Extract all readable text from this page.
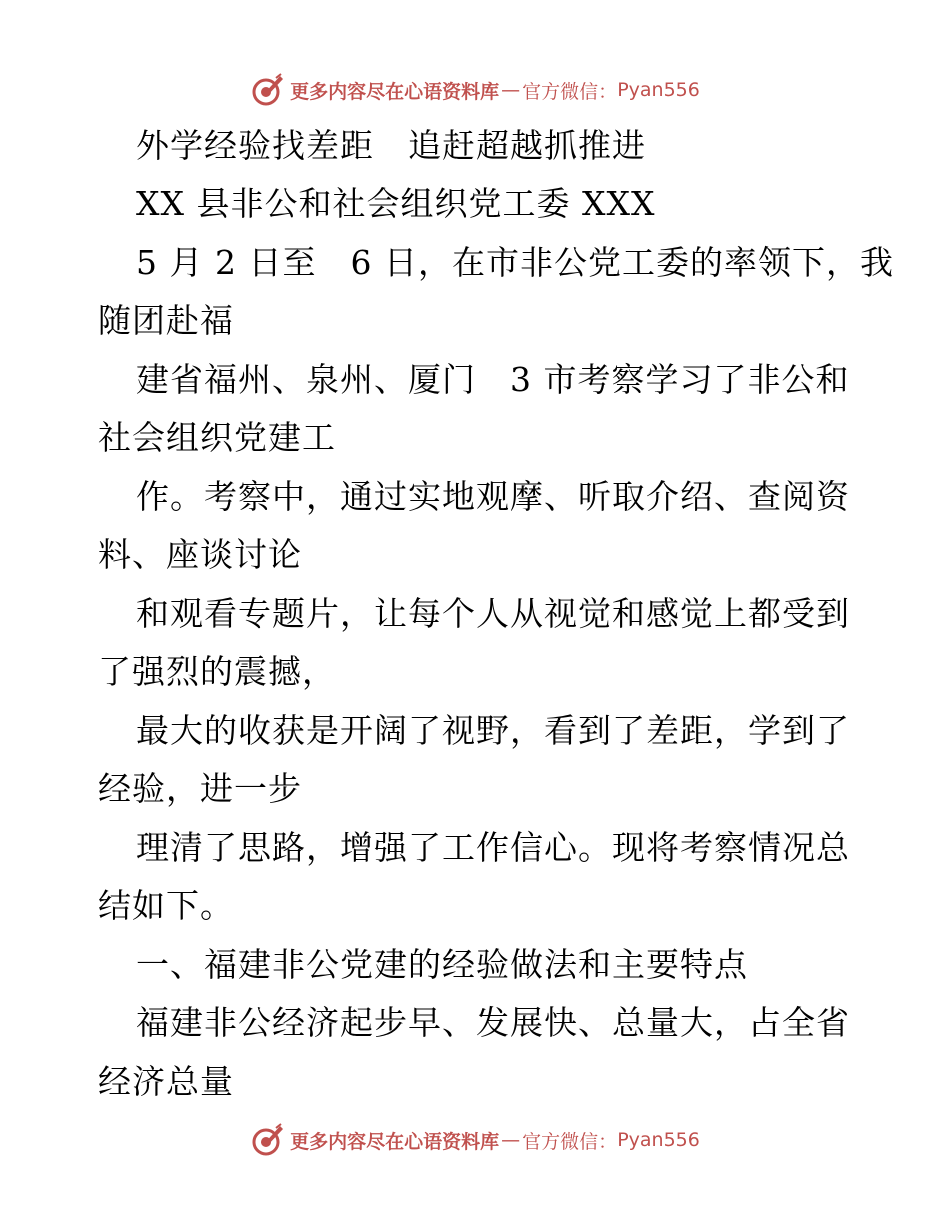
更多内容尽在心语资料库 — 官方微信： Pyan556
外学经验找差距　追赶超越抓推进
XX 县非公和社会组织党工委 XXX
5 月 2 日至　6 日，在市非公党工委的率领下，我
随团赴福
建省福州、泉州、厦门　3 市考察学习了非公和
社会组织党建工
作。考察中，通过实地观摩、听取介绍、查阅资
料、座谈讨论
和观看专题片，让每个人从视觉和感觉上都受到
了强烈的震撼，
最大的收获是开阔了视野，看到了差距，学到了
经验，进一步
理清了思路，增强了工作信心。现将考察情况总
结如下。
一、福建非公党建的经验做法和主要特点
福建非公经济起步早、发展快、总量大，占全省
经济总量
更多内容尽在心语资料库 — 官方微信： Pyan556
